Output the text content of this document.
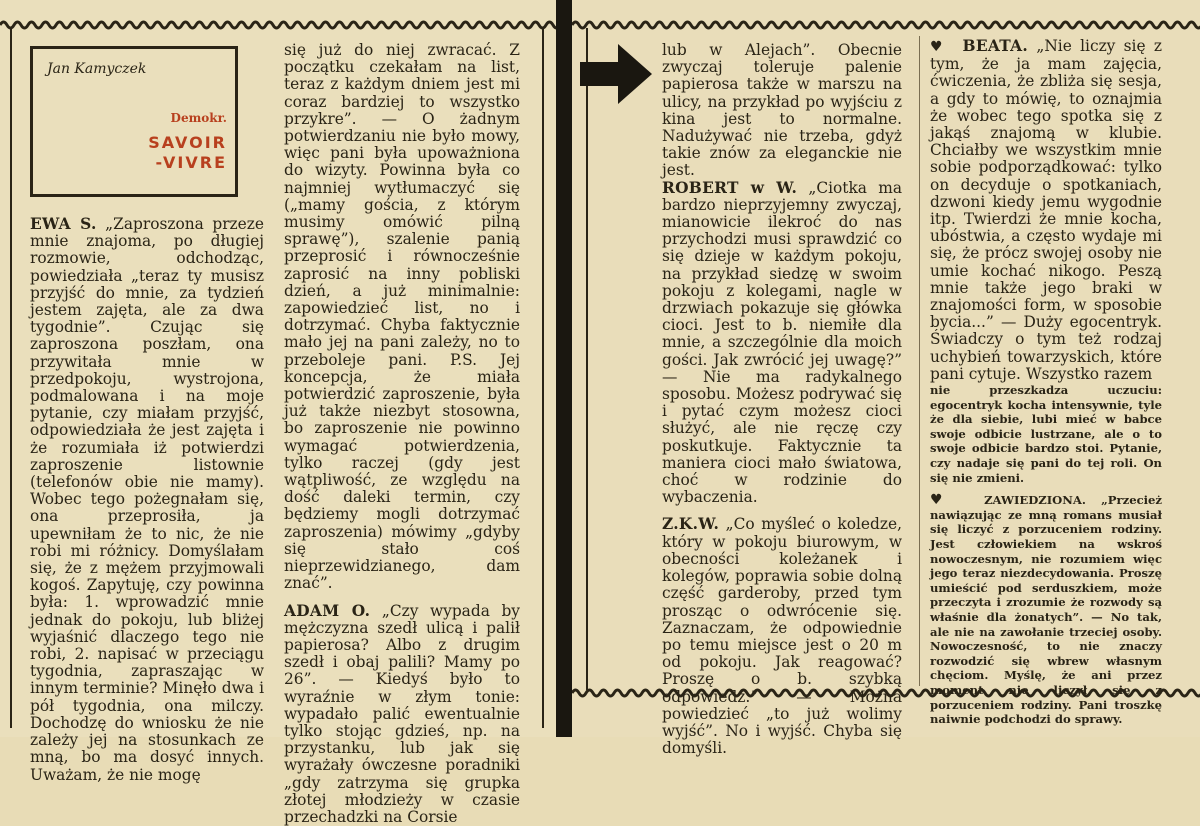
Jan Kamyczek
Demokr.
SAVOIR
-VIVRE

EWA S. „Zaproszona przeze mnie znajoma, po długiej rozmowie, odchodząc, powiedziała „teraz ty musisz przyjść do mnie, za tydzień jestem zajęta, ale za dwa tygodnie”. Czując się zaproszona poszłam, ona przywitała mnie w przedpokoju, wystrojona, podmalowana i na moje pytanie, czy miałam przyjść, odpowiedziała że jest zajęta i że rozumiała iż potwierdzi zaproszenie listownie (telefonów obie nie mamy). Wobec tego pożegnałam się, ona przeprosiła, ja upewniłam że to nic, że nie robi mi różnicy. Domyślałam się, że z mężem przyjmowali kogoś. Zapytuję, czy powinna była: 1. wprowadzić mnie jednak do pokoju, lub bliżej wyjaśnić dlaczego tego nie robi, 2. napisać w przeciągu tygodnia, zapraszając w innym terminie? Minęło dwa i pół tygodnia, ona milczy. Dochodzę do wniosku że nie zależy jej na stosunkach ze mną, bo ma dosyć innych. Uważam, że nie mogę

się już do niej zwracać. Z początku czekałam na list, teraz z każdym dniem jest mi coraz bardziej to wszystko przykre”. — O żadnym potwierdzaniu nie było mowy, więc pani była upoważniona do wizyty. Powinna była co najmniej wytłumaczyć się („mamy gościa, z którym musimy omówić pilną sprawę”), szalenie panią przeprosić i równocześnie zaprosić na inny pobliski dzień, a już minimalnie: zapowiedzieć list, no i dotrzymać. Chyba faktycznie mało jej na pani zależy, no to przeboleje pani. P.S. Jej koncepcja, że miała potwierdzić zaproszenie, była już także niezbyt stosowna, bo zaproszenie nie powinno wymagać potwierdzenia, tylko raczej (gdy jest wątpliwość, ze względu na dość daleki termin, czy będziemy mogli dotrzymać zaproszenia) mówimy „gdyby się stało coś nieprzewidzianego, dam znać”.

ADAM O. „Czy wypada by mężczyzna szedł ulicą i palił papierosa? Albo z drugim szedł i obaj palili? Mamy po 26”. — Kiedyś było to wyraźnie w złym tonie: wypadało palić ewentualnie tylko stojąc gdzieś, np. na przystanku, lub jak się wyrażały ówczesne poradniki „gdy zatrzyma się grupka złotej młodzieży w czasie przechadzki na Corsie

lub w Alejach”. Obecnie zwyczaj toleruje palenie papierosa także w marszu na ulicy, na przykład po wyjściu z kina jest to normalne. Nadużywać nie trzeba, gdyż takie znów za eleganckie nie jest.

ROBERT w W. „Ciotka ma bardzo nieprzyjemny zwyczaj, mianowicie ilekroć do nas przychodzi musi sprawdzić co się dzieje w każdym pokoju, na przykład siedzę w swoim pokoju z kolegami, nagle w drzwiach pokazuje się główka cioci. Jest to b. niemiłe dla mnie, a szczególnie dla moich gości. Jak zwrócić jej uwagę?” — Nie ma radykalnego sposobu. Możesz podrywać się i pytać czym możesz cioci służyć, ale nie ręczę czy poskutkuje. Faktycznie ta maniera cioci mało światowa, choć w rodzinie do wybaczenia.

Z.K.W. „Co myśleć o koledze, który w pokoju biurowym, w obecności koleżanek i kolegów, poprawia sobie dolną część garderoby, przed tym prosząc o odwrócenie się. Zaznaczam, że odpowiednie po temu miejsce jest o 20 m od pokoju. Jak reagować? Proszę o b. szybką odpowiedź.” — Można powiedzieć „to już wolimy wyjść”. No i wyjść. Chyba się domyśli.

♥ BEATA. „Nie liczy się z tym, że ja mam zajęcia, ćwiczenia, że zbliża się sesja, a gdy to mówię, to oznajmia że wobec tego spotka się z jakąś znajomą w klubie. Chciałby we wszystkim mnie sobie podporządkować: tylko on decyduje o spotkaniach, dzwoni kiedy jemu wygodnie itp. Twierdzi że mnie kocha, ubóstwia, a często wydaje mi się, że prócz swojej osoby nie umie kochać nikogo. Peszą mnie także jego braki w znajomości form, w sposobie bycia...” — Duży egocentryk. Świadczy o tym też rodzaj uchybień towarzyskich, które pani cytuje. Wszystko razem

nie przeszkadza uczuciu: egocentryk kocha intensywnie, tyle że dla siebie, lubi mieć w babce swoje odbicie lustrzane, ale o to swoje odbicie bardzo stoi. Pytanie, czy nadaje się pani do tej roli. On się nie zmieni.

♥	ZAWIEDZIONA. „Przecież nawiązując ze mną romans musiał się liczyć z porzuceniem rodziny. Jest człowiekiem na wskroś nowoczesnym, nie rozumiem więc jego teraz niezdecydowania. Proszę umieścić pod serduszkiem, może przeczyta i zrozumie że rozwody są właśnie dla żonatych”. — No tak, ale nie na zawołanie trzeciej osoby. Nowoczesność, to nie znaczy rozwodzić się wbrew własnym chęciom. Myślę, że ani przez moment nie liczył się z porzuceniem rodziny. Pani troszkę naiwnie podchodzi do sprawy.
